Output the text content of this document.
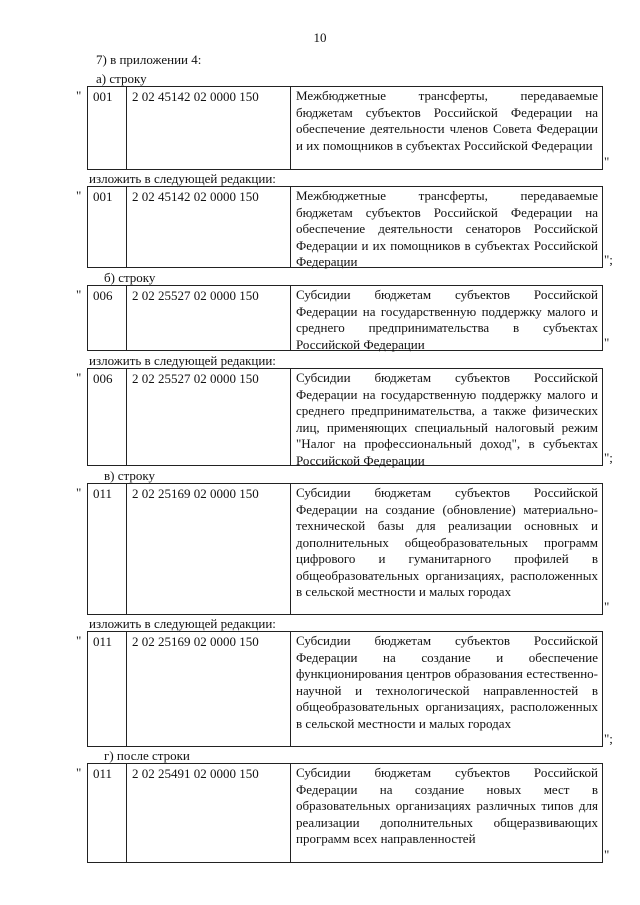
10
7) в приложении 4:
а) строку
" 001	2 02 45142 02 0000 150	Межбюджетные трансферты, передаваемые бюджетам субъектов Российской Федерации на обеспечение деятельности членов Совета Федерации и их помощников в субъектах Российской Федерации
"
изложить в следующей редакции:
" 001	2 02 45142 02 0000 150	Межбюджетные трансферты, передаваемые бюджетам субъектов Российской Федерации на обеспечение деятельности сенаторов Российской Федерации и их помощников в субъектах Российской Федерации	";
б) строку
" 006	2 02 25527 02 0000 150	Субсидии бюджетам субъектов Российской Федерации на государственную поддержку малого и среднего предпринимательства в субъектах Российской Федерации	"
изложить в следующей редакции:
" 006	2 02 25527 02 0000 150	Субсидии бюджетам субъектов Российской Федерации на государственную поддержку малого и среднего предпринимательства, а также физических лиц, применяющих специальный налоговый режим "Налог на профессиональный доход", в субъектах Российской Федерации	";
в) строку
" 011	2 02 25169 02 0000 150	Субсидии бюджетам субъектов Российской Федерации на создание (обновление) материально-технической базы для реализации основных и дополнительных общеобразовательных программ цифрового и гуманитарного профилей в общеобразовательных организациях, расположенных в сельской местности и малых городах
"
изложить в следующей редакции:
" 011	2 02 25169 02 0000 150	Субсидии бюджетам субъектов Российской Федерации на создание и обеспечение функционирования центров образования естественно-научной и технологической направленностей в общеобразовательных организациях, расположенных в сельской местности и малых городах
";
г) после строки
" 011	2 02 25491 02 0000 150	Субсидии бюджетам субъектов Российской Федерации на создание новых мест в образовательных организациях различных типов для реализации дополнительных общеразвивающих программ всех направленностей
"
